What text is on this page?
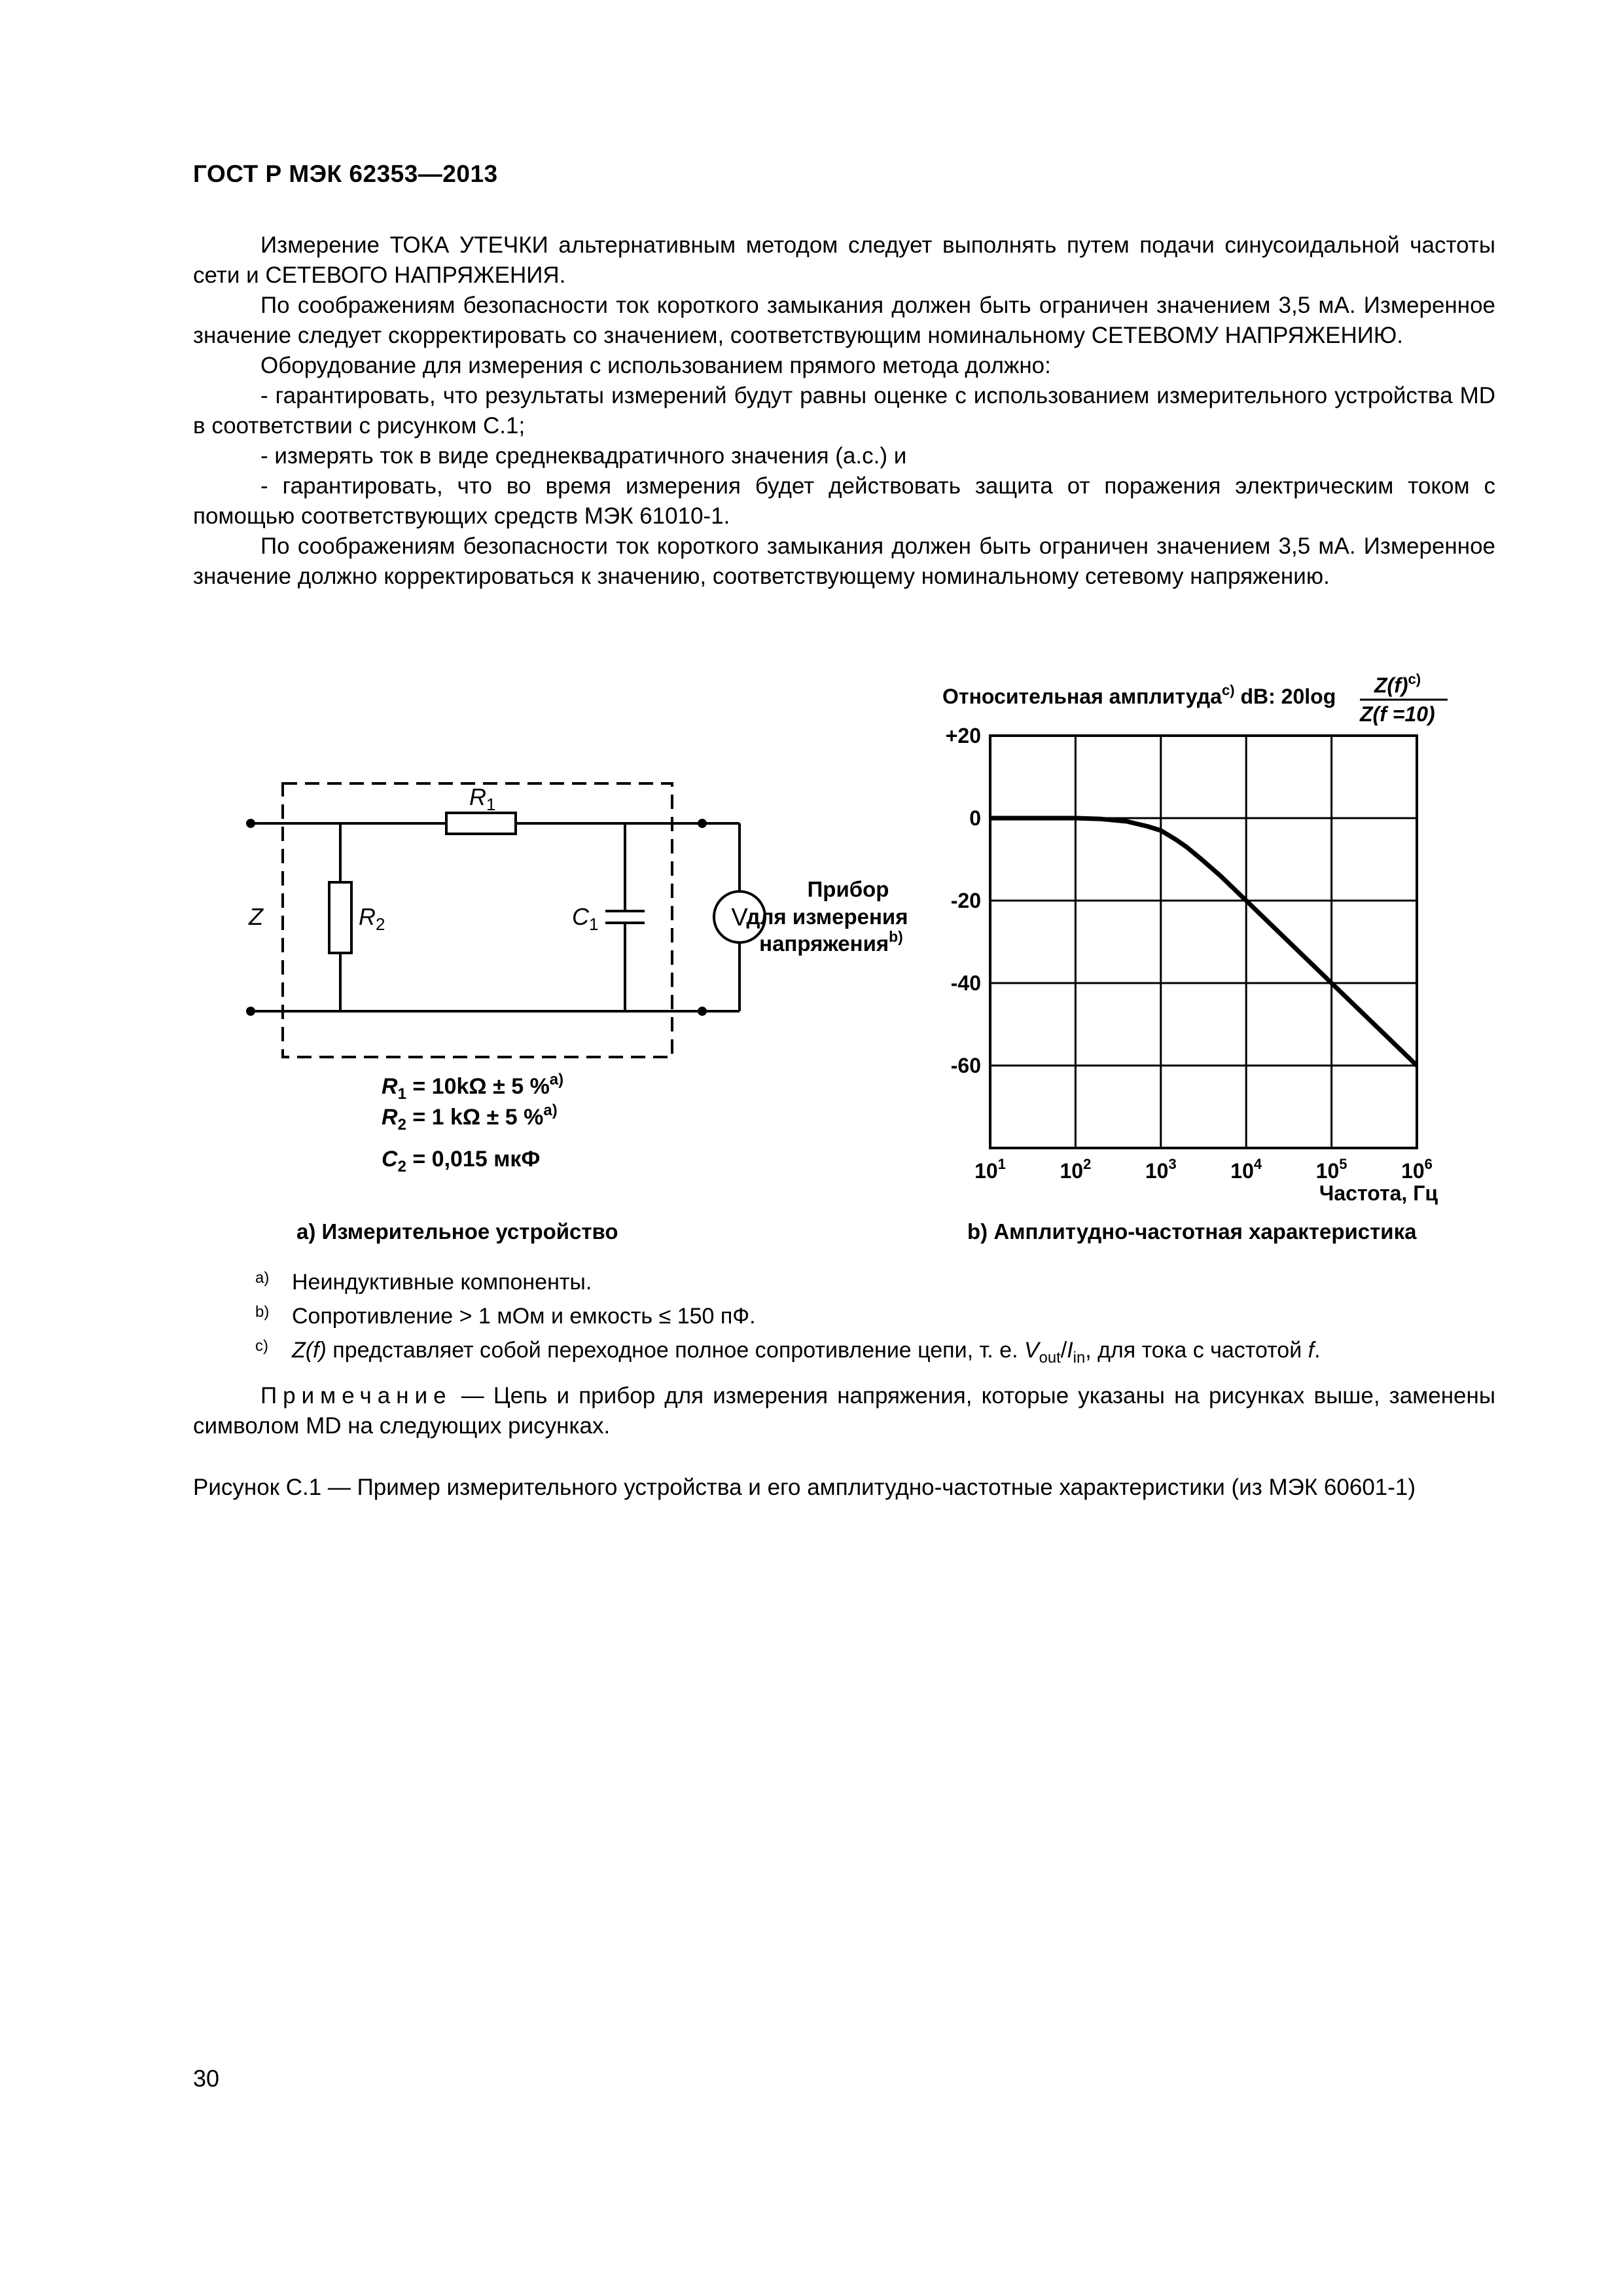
ГОСТ Р МЭК 62353—2013

Измерение ТОКА УТЕЧКИ альтернативным методом следует выполнять путем подачи синусоидальной частоты сети и СЕТЕВОГО НАПРЯЖЕНИЯ.

По соображениям безопасности ток короткого замыкания должен быть ограничен значением 3,5 мА. Измеренное значение следует скорректировать со значением, соответствующим номинальному СЕТЕВОМУ НАПРЯЖЕНИЮ.

Оборудование для измерения с использованием прямого метода должно:

- гарантировать, что результаты измерений будут равны оценке с использованием измерительного устройства MD в соответствии с рисунком С.1;

- измерять ток в виде среднеквадратичного значения (a.c.) и

- гарантировать, что во время измерения будет действовать защита от поражения электрическим током с помощью соответствующих средств МЭК 61010-1.

По соображениям безопасности ток короткого замыкания должен быть ограничен значением 3,5 мА. Измеренное значение должно корректироваться к значению, соответствующему номинальному сетевому напряжению.

Z
$R_1$
$R_2$	$C_1$	V
Прибор
для измерения
напряжения$^{b)}$
$R_1 = 10k\Omega \pm 5$ %$^{a)}$
$R_2 = 1$ kΩ ± 5 %$^{a)}$
$C_2 = 0,015$ мкФ
a) Измерительное устройство
Относительная амплитуда$^{c)}$ dB: 20log $Z(f)^{c)}$
Z(f =10)
+20
0
-20
-40
-60
$10^1$	$10^2$	$10^3$	$10^4$	$10^5$	$10^6$
Частота, Гц
b) Амплитудно-частотная характеристика
a) Неиндуктивные компоненты.
b) Сопротивление > 1 мОм и емкость ≤ 150 пФ.
c) Z(f) представляет собой переходное полное сопротивление цепи, т. е. $V_{out}/I_{in}$, для тока с частотой f.
Примечание — Цепь и прибор для измерения напряжения, которые указаны на рисунках выше, заменены символом MD на следующих рисунках.
Рисунок С.1 — Пример измерительного устройства и его амплитудно-частотные характеристики (из МЭК 60601-1)
30
